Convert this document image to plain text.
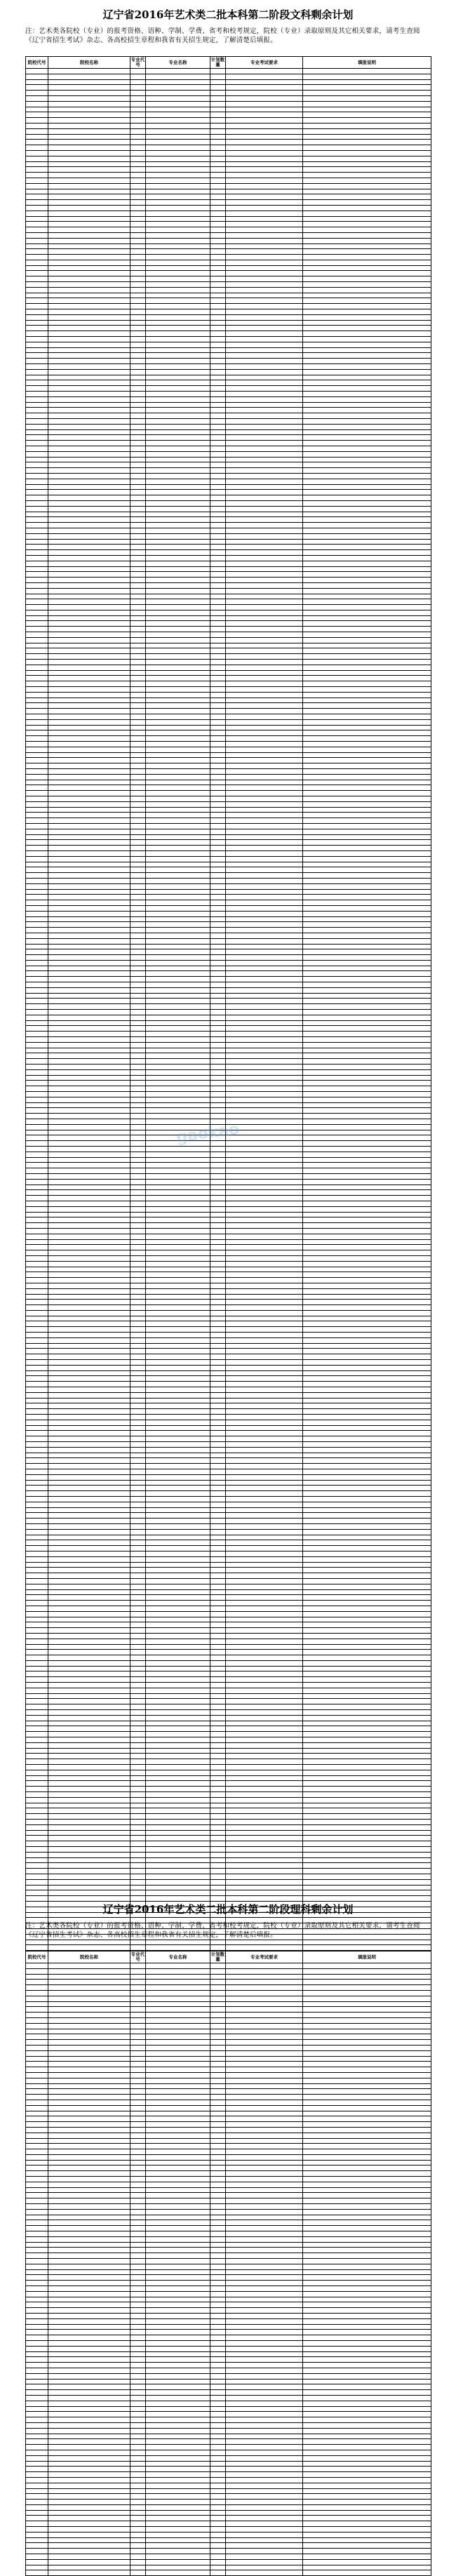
辽宁省2016年艺术类二批本科第二阶段文科剩余计划
注：艺术类各院校（专业）的报考资格、语种、学制、学费、省考和校考规定，院校（专业）录取原则及其它相关要求，请考生查阅《辽宁省招生考试》杂志、各高校招生章程和我省有关招生规定，了解清楚后填报。
院校代号	院校名称	专业代号	专业名称	计划数量	专业考试要求	填报说明

gaokao
辽宁省2016年艺术类二批本科第二阶段理科剩余计划
注：艺术类各院校（专业）的报考资格、语种、学制、学费、省考和校考规定，院校（专业）录取原则及其它相关要求，请考生查阅《辽宁省招生考试》杂志、各高校招生章程和我省有关招生规定，了解清楚后填报。
院校代号	院校名称	专业代号	专业名称	计划数量	专业考试要求	填报说明
